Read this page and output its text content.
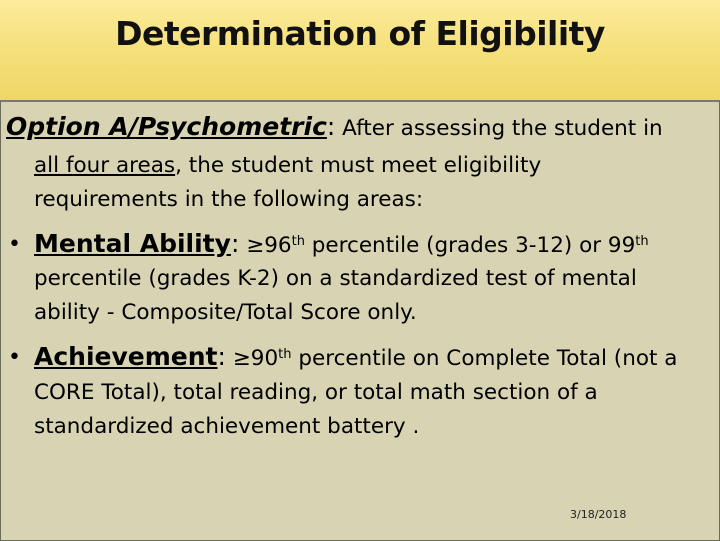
Determination of Eligibility
Option A/Psychometric: After assessing the student in
all four areas, the student must meet eligibility
requirements in the following areas:
• Mental Ability: ≥96th percentile (grades 3-12) or 99th
percentile (grades K-2) on a standardized test of mental
ability - Composite/Total Score only.
• Achievement: ≥90th percentile on Complete Total (not a
CORE Total), total reading, or total math section of a
standardized achievement battery .
3/18/2018
